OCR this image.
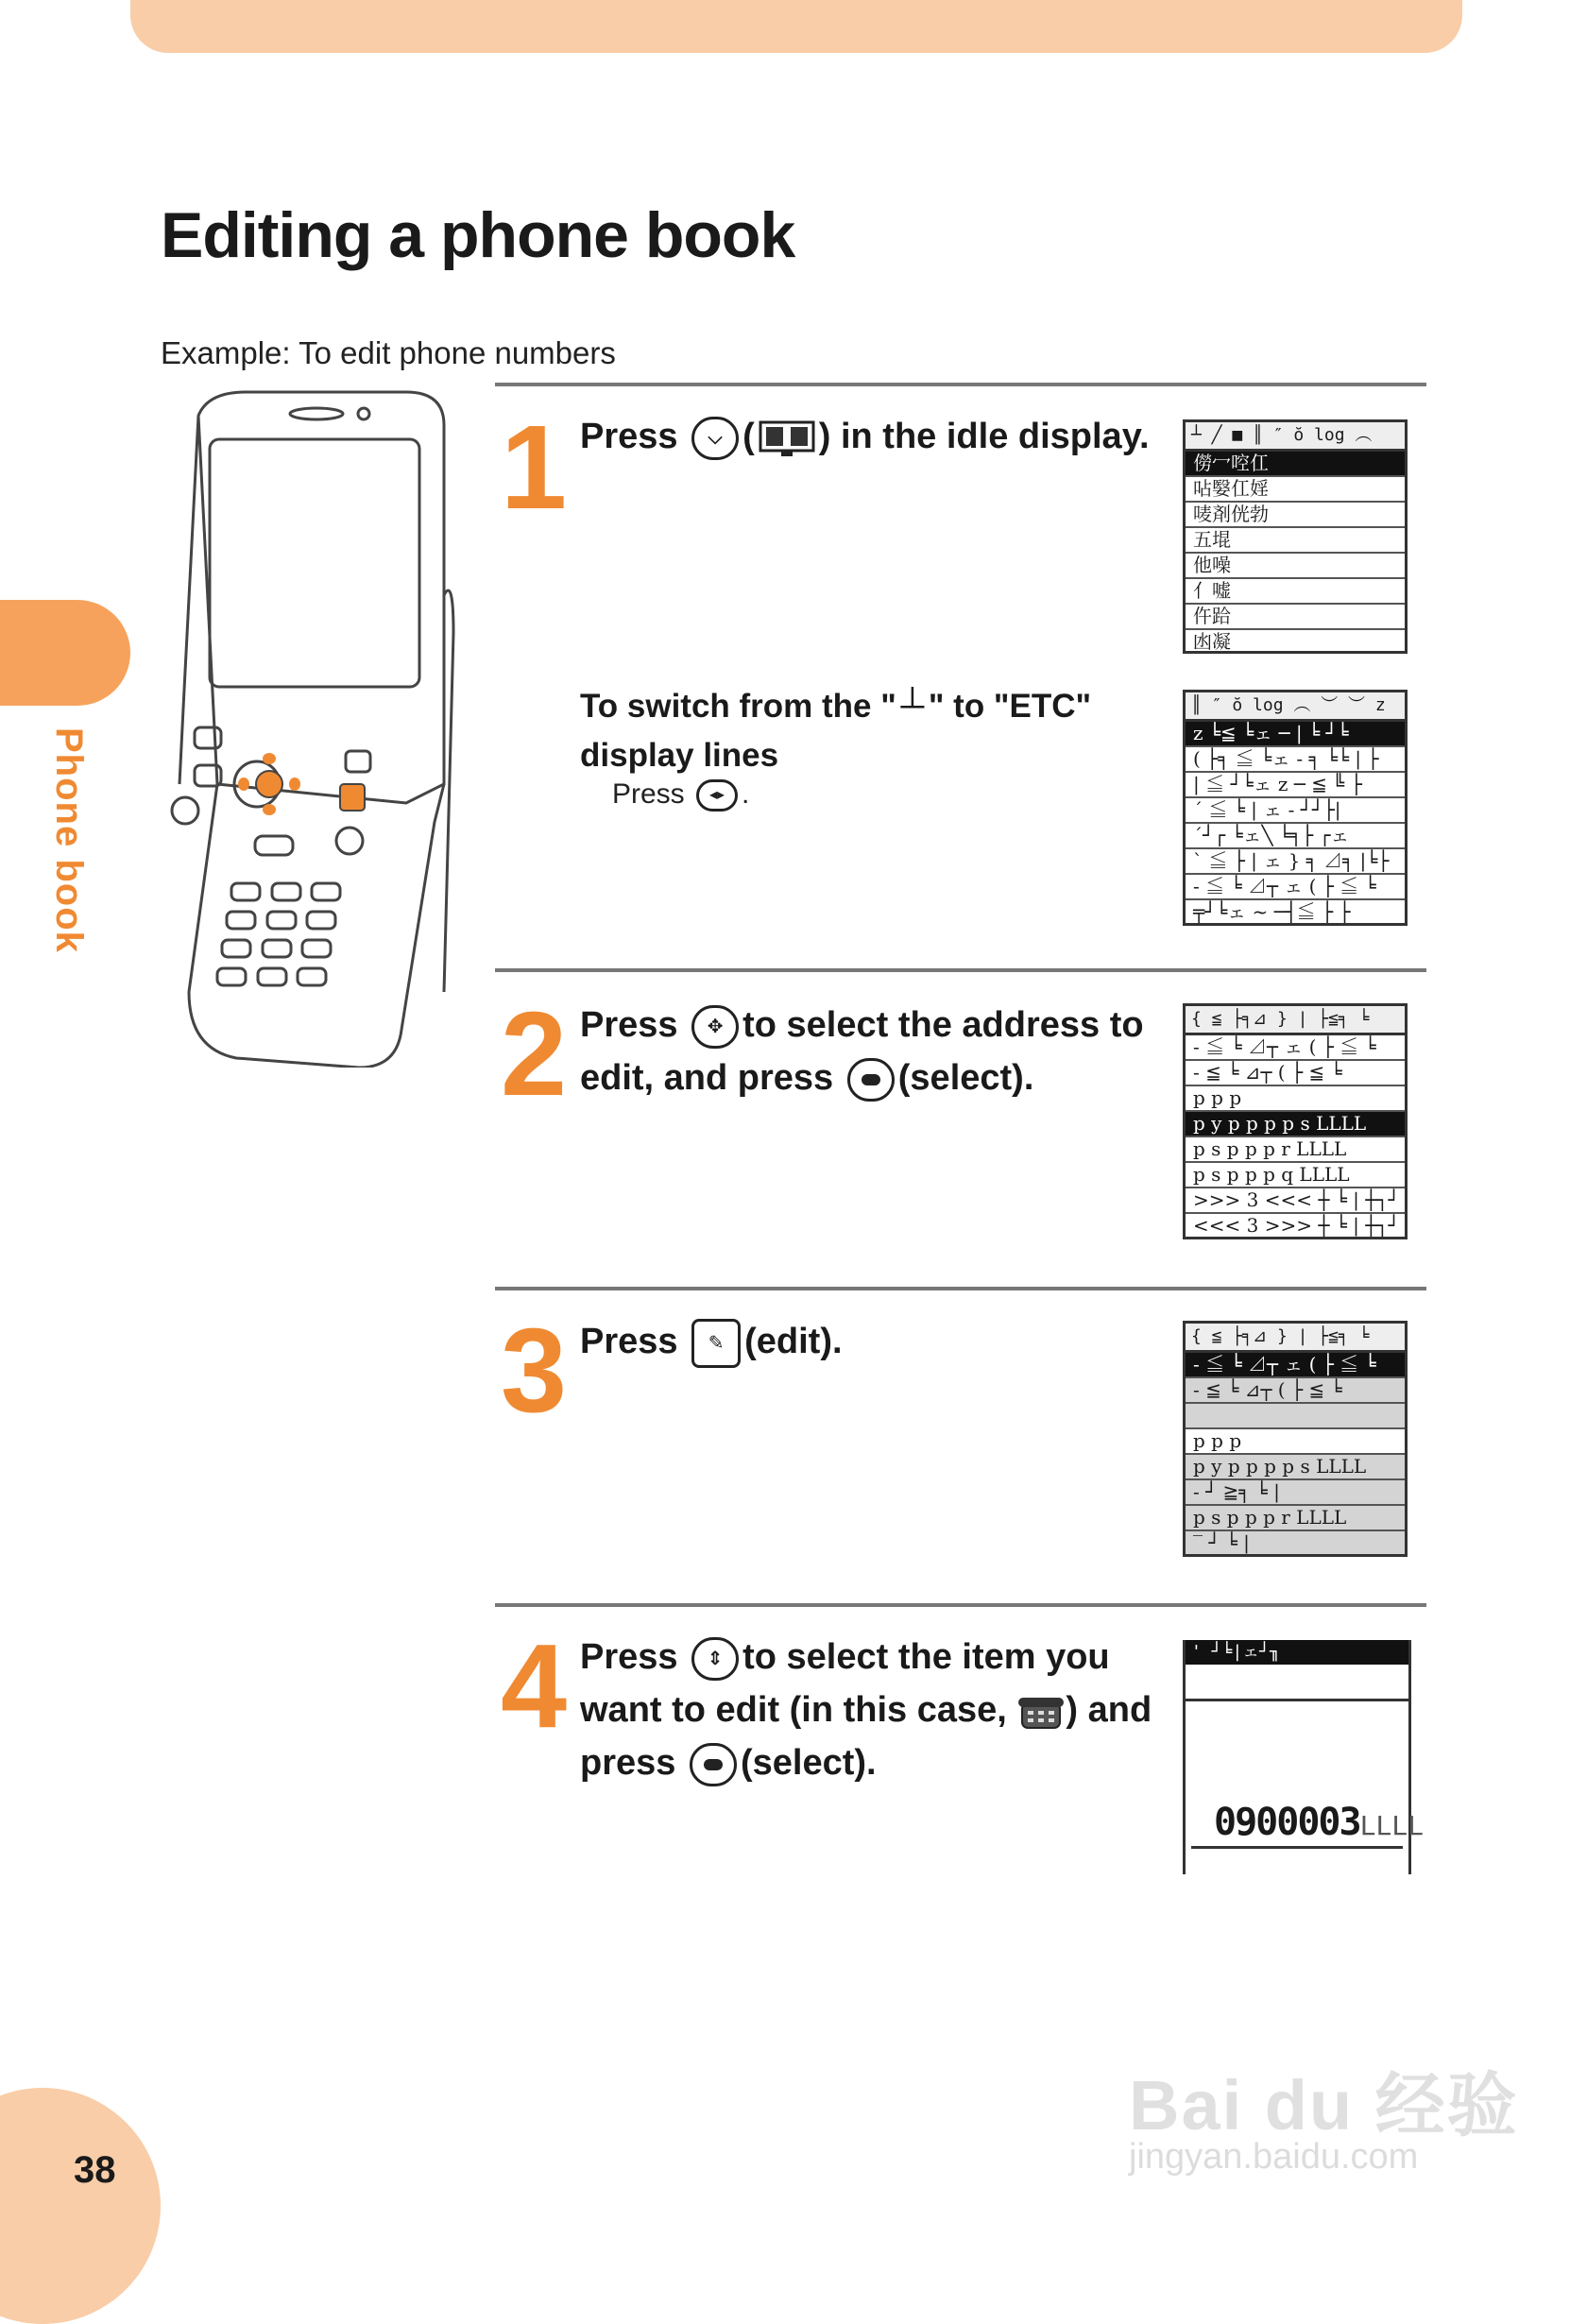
Phone book
38
Editing a phone book
Example: To edit phone numbers
1 Press	⌵ ( ) in the idle display.	┴ ╱ ■ ║ ″ ŏ log ︵
僗冖啌仜
呫嫛仜婬
唛剤侊勃
五堒
他噪
亻嘘
仵跲
凼凝
To switch from the " ┴ " to "ETC"
display lines
Press	◂▸ .
║ ″ ŏ log ︵ ︶ ︶ z
z ╘≦ ╘ェ ─ | ╘ ┘╘
( ├╕ ≦ ╘ェ - ╕ ╘╘ | ├
| ≦ ┘╘ェ z ─ ≦ ╚ ├
´ ≦ ╘ | ェ - ┘┘├|
´┘┌ ╘ェ╲ ╘╕├ ┌ェ
` ≦ ├ | ェ } ╕ ⊿╕ |╘├
- ≦ ╘ ⊿┬ ェ ( ├ ≦ ╘
╤┘╘ェ ~ ─┤≦ ├ ├
2 Press	✥ to select the address to
edit, and press (select).
{ ≦ ├╕⊿ } | ├≦╕ ╘
- ≦ ╘ ⊿┬ ェ ( ├ ≦ ╘
- ≦ ╘ ⊿┬ ( ├ ≦ ╘
p p p
p y p p p p s LLLL
p s p p p r LLLL
p s p p p q LLLL
>>> 3 <<< ┼ ╘ | ┼┐┘
<<< 3 >>> ┼ ╘ | ┼┐┘
3 Press	✎ (edit).	{ ≦ ├╕⊿ } | ├≦╕ ╘
- ≦ ╘ ⊿┬ ェ ( ├ ≦ ╘
- ≦ ╘ ⊿┬ ( ├ ≦ ╘
p p p
p y p p p p s LLLL
- ┘ ≧╕ ╘ |
p s p p p r LLLL
‾ ┘ ╘ |
4 Press	⇕ to select the item you
want to edit (in this case, ) and
press (select).
' ┘╘|ェ┘╖
0900003LLLL
Bai du 经验
jingyan.baidu.com
